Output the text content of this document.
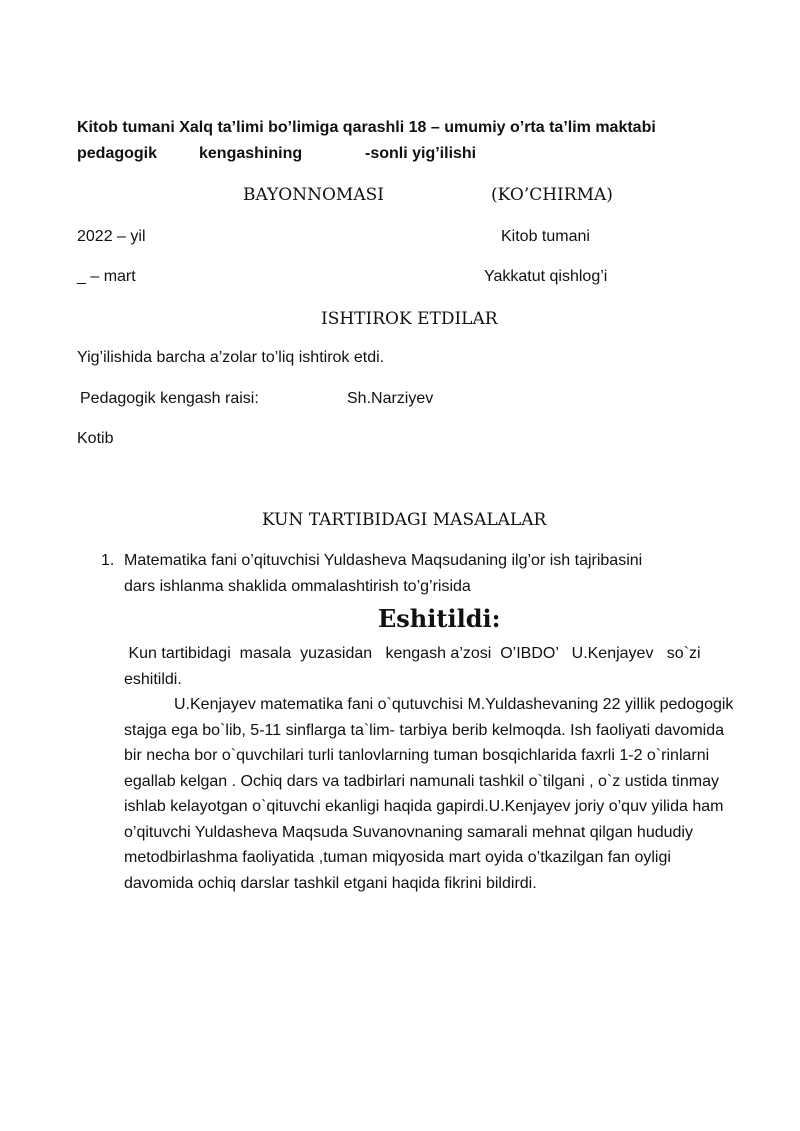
Kitob tumani Xalq ta’limi bo’limiga qarashli 18 – umumiy o’rta ta’lim maktabi
pedagogik	kengashining	-sonli yig’ilishi
BAYONNOMASI	(KO’CHIRMA)
2022 – yil	Kitob tumani
_ – mart	Yakkatut qishlog’i
ISHTIROK ETDILAR
Yig’ilishida barcha a’zolar to’liq ishtirok etdi.
Pedagogik kengash raisi:	Sh.Narziyev
Kotib
KUN TARTIBIDAGI MASALALAR
1. Matematika fani o’qituvchisi Yuldasheva Maqsudaning ilg’or ish tajribasini
dars ishlanma shaklida ommalashtirish to’g’risida
Eshitildi:

Kun tartibidagi  masala  yuzasidan   kengash a’zosi  O’IBDO’   U.Kenjayev   so`zi eshitildi.

U.Kenjayev matematika fani o`qutuvchisi M.Yuldashevaning 22 yillik pedogogik stajga ega bo`lib, 5-11 sinflarga ta`lim- tarbiya berib kelmoqda. Ish faoliyati davomida bir necha bor o`quvchilari turli tanlovlarning tuman bosqichlarida faxrli 1-2 o`rinlarni egallab kelgan . Ochiq dars va tadbirlari namunali tashkil o`tilgani , o`z ustida tinmay ishlab kelayotgan o`qituvchi ekanligi haqida gapirdi.U.Kenjayev joriy o’quv yilida ham o’qituvchi Yuldasheva Maqsuda Suvanovnaning samarali mehnat qilgan hududiy metodbirlashma faoliyatida ,tuman miqyosida mart oyida o’tkazilgan fan oyligi davomida ochiq darslar tashkil etgani haqida fikrini bildirdi.
